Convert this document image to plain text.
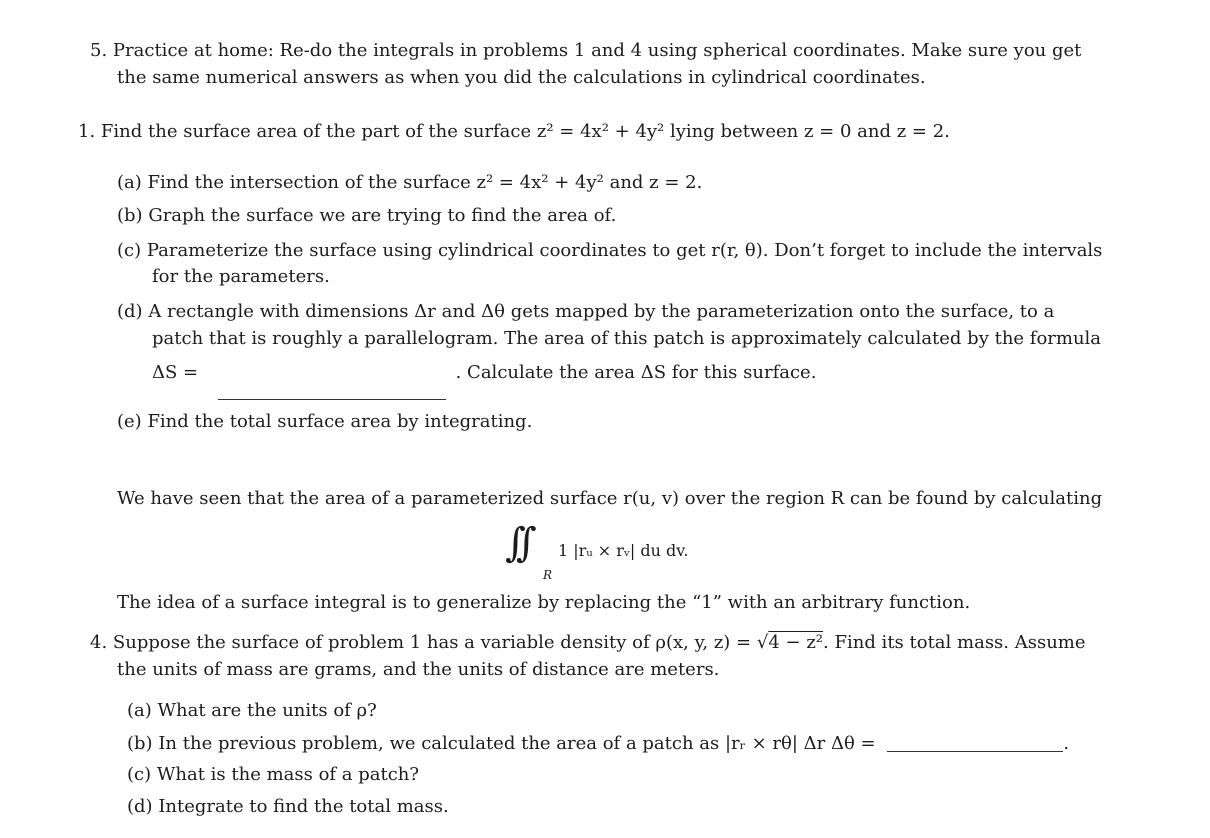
5. Practice at home: Re-do the integrals in problems 1 and 4 using spherical coordinates. Make sure you get
the same numerical answers as when you did the calculations in cylindrical coordinates.
1. Find the surface area of the part of the surface z² = 4x² + 4y² lying between z = 0 and z = 2.
(a) Find the intersection of the surface z² = 4x² + 4y² and z = 2.
(b) Graph the surface we are trying to find the area of.
(c) Parameterize the surface using cylindrical coordinates to get r(r, θ). Don’t forget to include the intervals
for the parameters.
(d) A rectangle with dimensions Δr and Δθ gets mapped by the parameterization onto the surface, to a
patch that is roughly a parallelogram. The area of this patch is approximately calculated by the formula
ΔS =	. Calculate the area ΔS for this surface.
(e) Find the total surface area by integrating.
We have seen that the area of a parameterized surface r(u, v) over the region R can be found by calculating
∫∫
R
1 |rᵤ × rᵥ| du dv.
The idea of a surface integral is to generalize by replacing the “1” with an arbitrary function.
4. Suppose the surface of problem 1 has a variable density of ρ(x, y, z) = √4 − z². Find its total mass. Assume
the units of mass are grams, and the units of distance are meters.
(a) What are the units of ρ?
(b) In the previous problem, we calculated the area of a patch as |rᵣ × rθ| Δr Δθ =	.
(c) What is the mass of a patch?
(d) Integrate to find the total mass.
